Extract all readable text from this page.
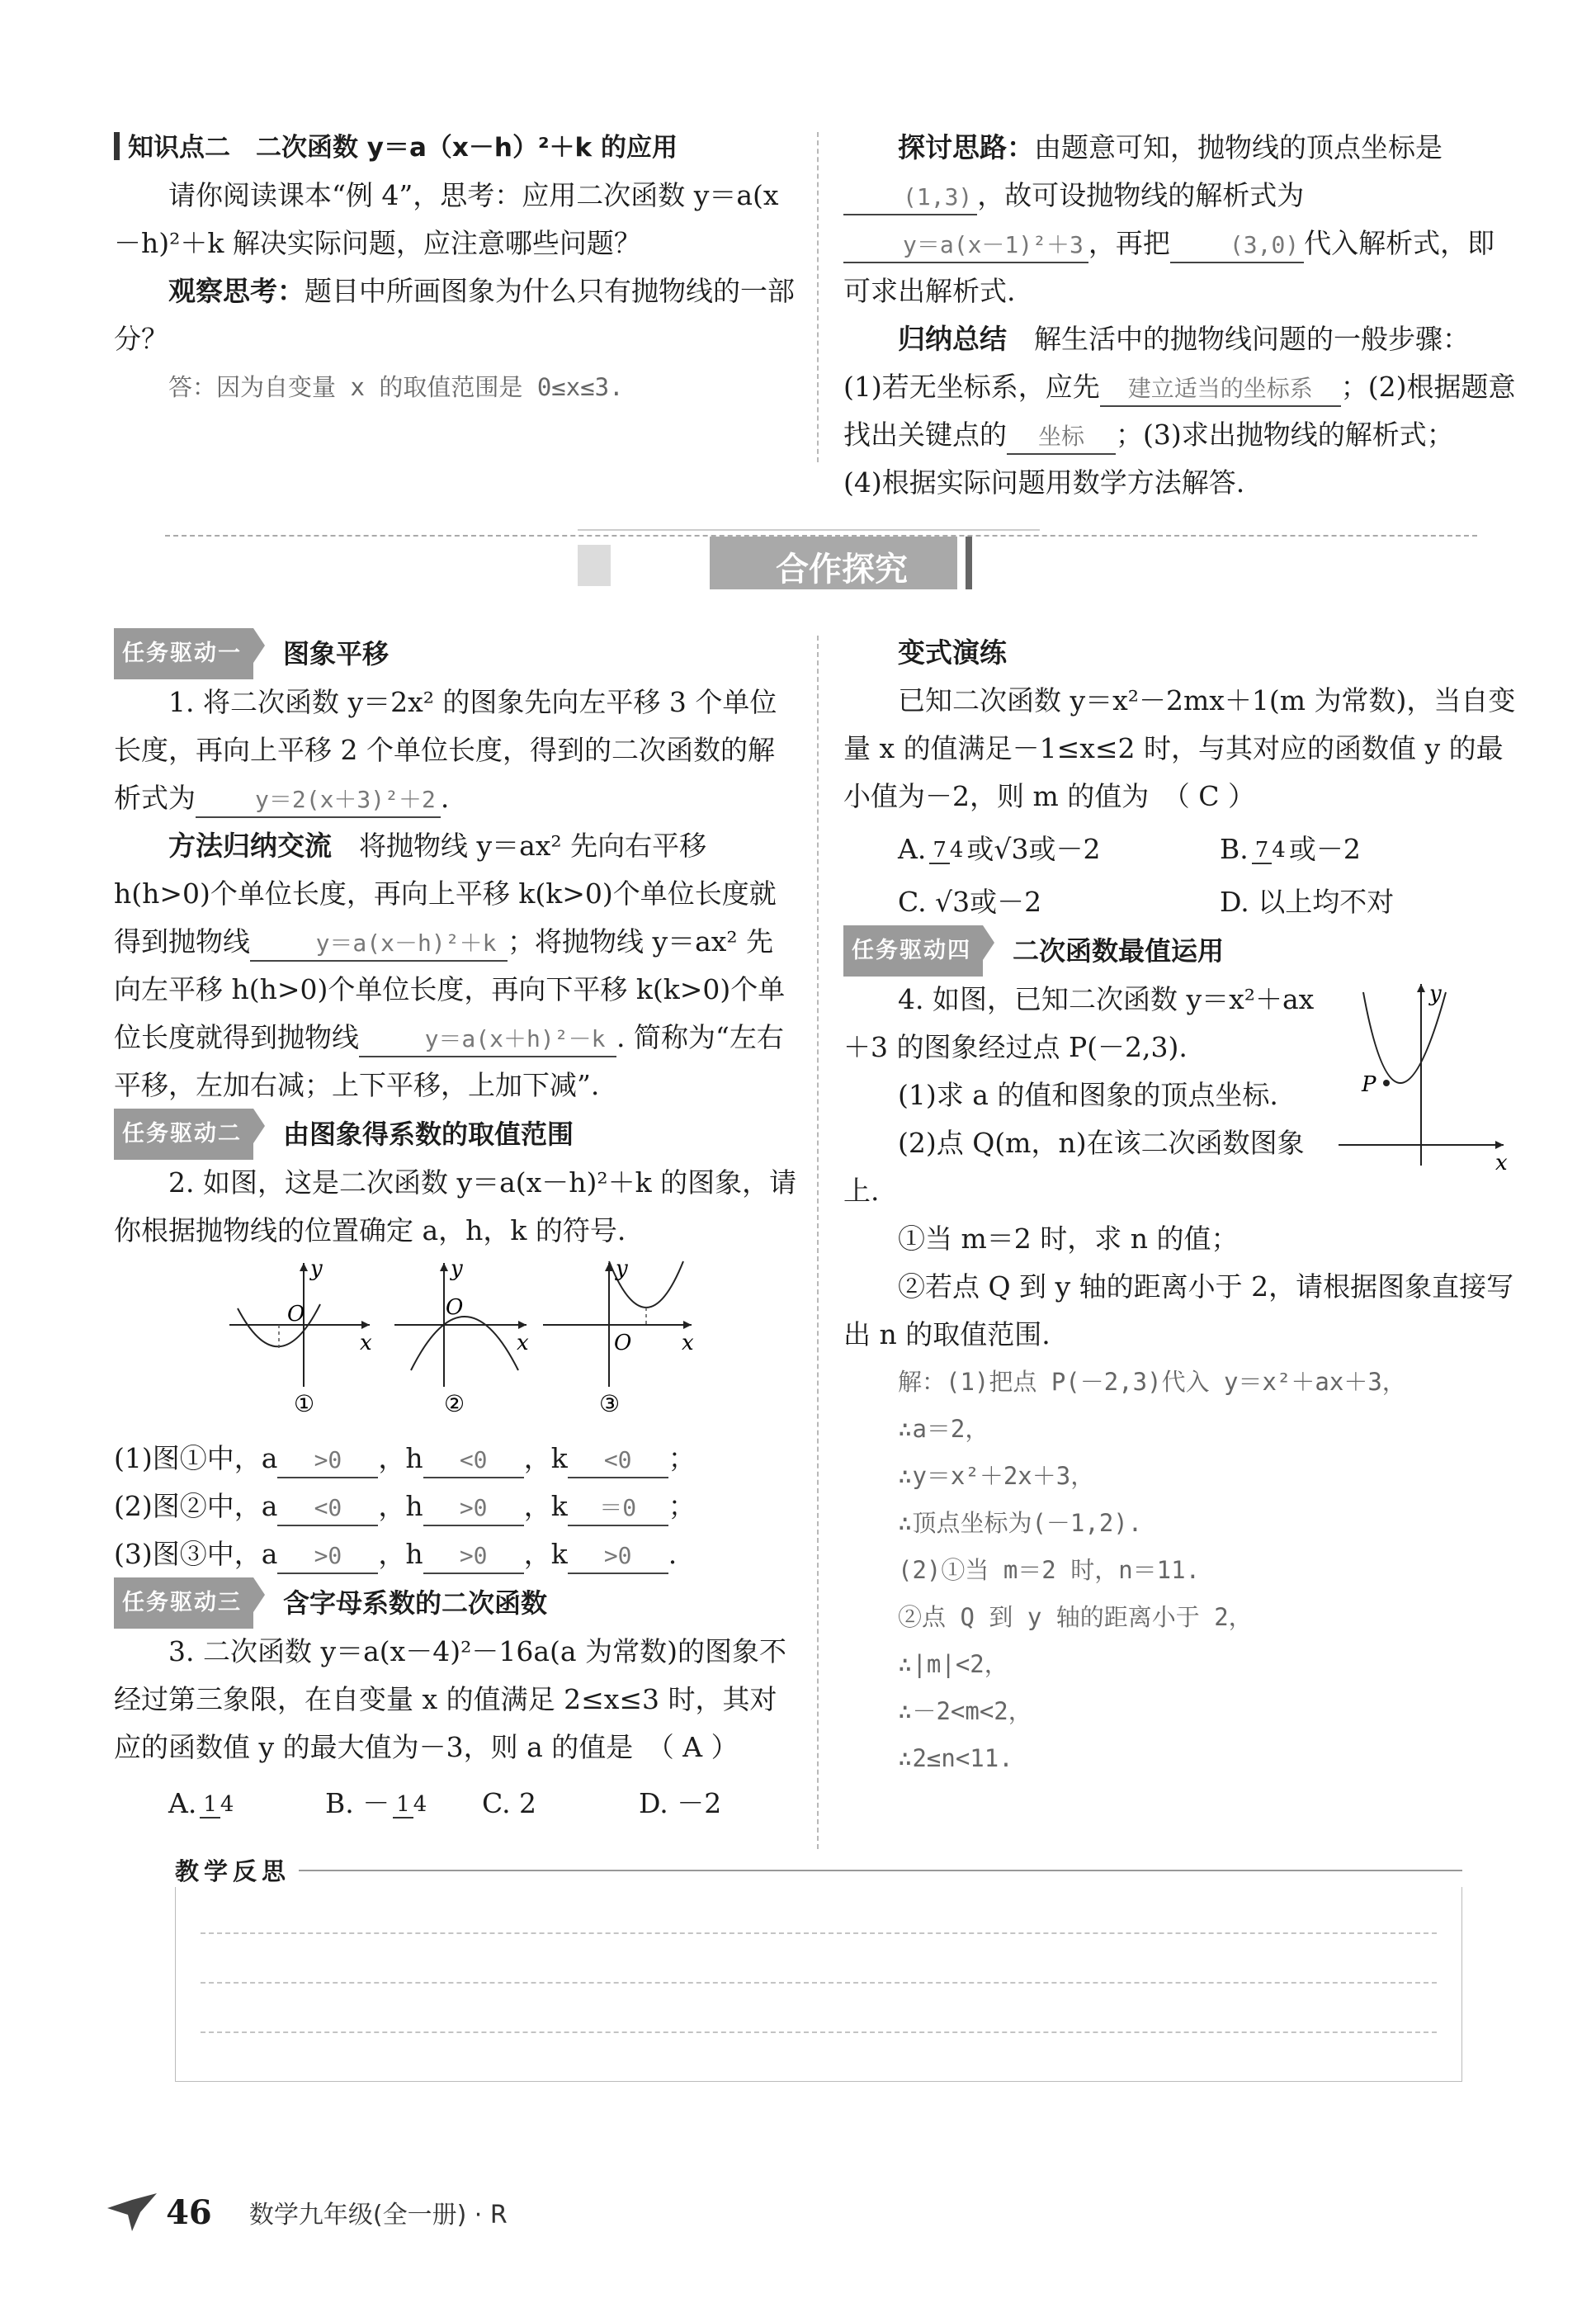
知识点二　二次函数 y＝a（x－h）²＋k 的应用

请你阅读课本“例 4”，思考：应用二次函数 y＝a(x－h)²＋k 解决实际问题，应注意哪些问题？

观察思考：题目中所画图象为什么只有抛物线的一部分？

答：因为自变量 x 的取值范围是 0≤x≤3.

探讨思路：由题意可知，抛物线的顶点坐标是(1,3) ，故可设抛物线的解析式为y＝a(x－1)²＋3 ，再把	(3,0) 代入解析式，即可求出解析式.

归纳总结　 解生活中的抛物线问题的一般步骤：

(1)若无坐标系，应先 建立适当的坐标系 ；(2)根据题意找出关键点的 坐标 ；(3)求出抛物线的解析式；

(4)根据实际问题用数学方法解答.

合作探究
任务驱动一	图象平移

1. 将二次函数 y＝2x² 的图象先向左平移 3 个单位长度，再向上平移 2 个单位长度，得到的二次函数的解析式为	y＝2(x＋3)²＋2 .

方法归纳交流　 将抛物线 y＝ax² 先向右平移 h(h>0)个单位长度，再向上平移 k(k>0)个单位长度就得到抛物线	y＝a(x－h)²＋k ；将抛物线 y＝ax² 先向左平移 h(h>0)个单位长度，再向下平移 k(k>0)个单位长度就得到抛物线	y＝a(x＋h)²－k . 简称为“左右平移，左加右减；上下平移，上加下减”.

任务驱动二	由图象得系数的取值范围

2. 如图，这是二次函数 y＝a(x－h)²＋k 的图象，请你根据抛物线的位置确定 a，h，k 的符号.

y
x
O
①
y
x
O
②
y
x
O
③

(1)图①中，a >0 ，h <0 ，k <0 ；

(2)图②中，a <0 ，h >0 ，k ＝0 ；

(3)图③中，a >0 ，h >0 ，k >0 .

任务驱动三	含字母系数的二次函数

3. 二次函数 y＝a(x－4)²－16a(a 为常数)的图象不经过第三象限，在自变量 x 的值满足 2≤x≤3 时，其对应的函数值 y 的最大值为－3，则 a 的值是　 （ A ）

A. 1 4	B. － 1 4	C. 2	D. －2

变式演练

已知二次函数 y＝x²－2mx＋1(m 为常数)，当自变量 x 的值满足－1≤x≤2 时，与其对应的函数值 y 的最小值为－2，则 m 的值为　 （ C ）

A. 7 4 或√3或－2	B. 7 4 或－2
C. √3或－2	D. 以上均不对
任务驱动四	二次函数最值运用
y
x
P

4. 如图，已知二次函数 y＝x²＋ax＋3 的图象经过点 P(－2,3).

(1)求 a 的值和图象的顶点坐标.

(2)点 Q(m，n)在该二次函数图象上.

①当 m＝2 时，求 n 的值；

②若点 Q 到 y 轴的距离小于 2，请根据图象直接写出 n 的取值范围.

解：(1)把点 P(－2,3)代入 y＝x²＋ax＋3，
∴a＝2，
∴y＝x²＋2x＋3，
∴顶点坐标为(－1,2).
(2)①当 m＝2 时，n＝11.
②点 Q 到 y 轴的距离小于 2，
∴|m|<2，
∴－2<m<2，
∴2≤n<11.
教学反思
46 数学九年级(全一册) · R
